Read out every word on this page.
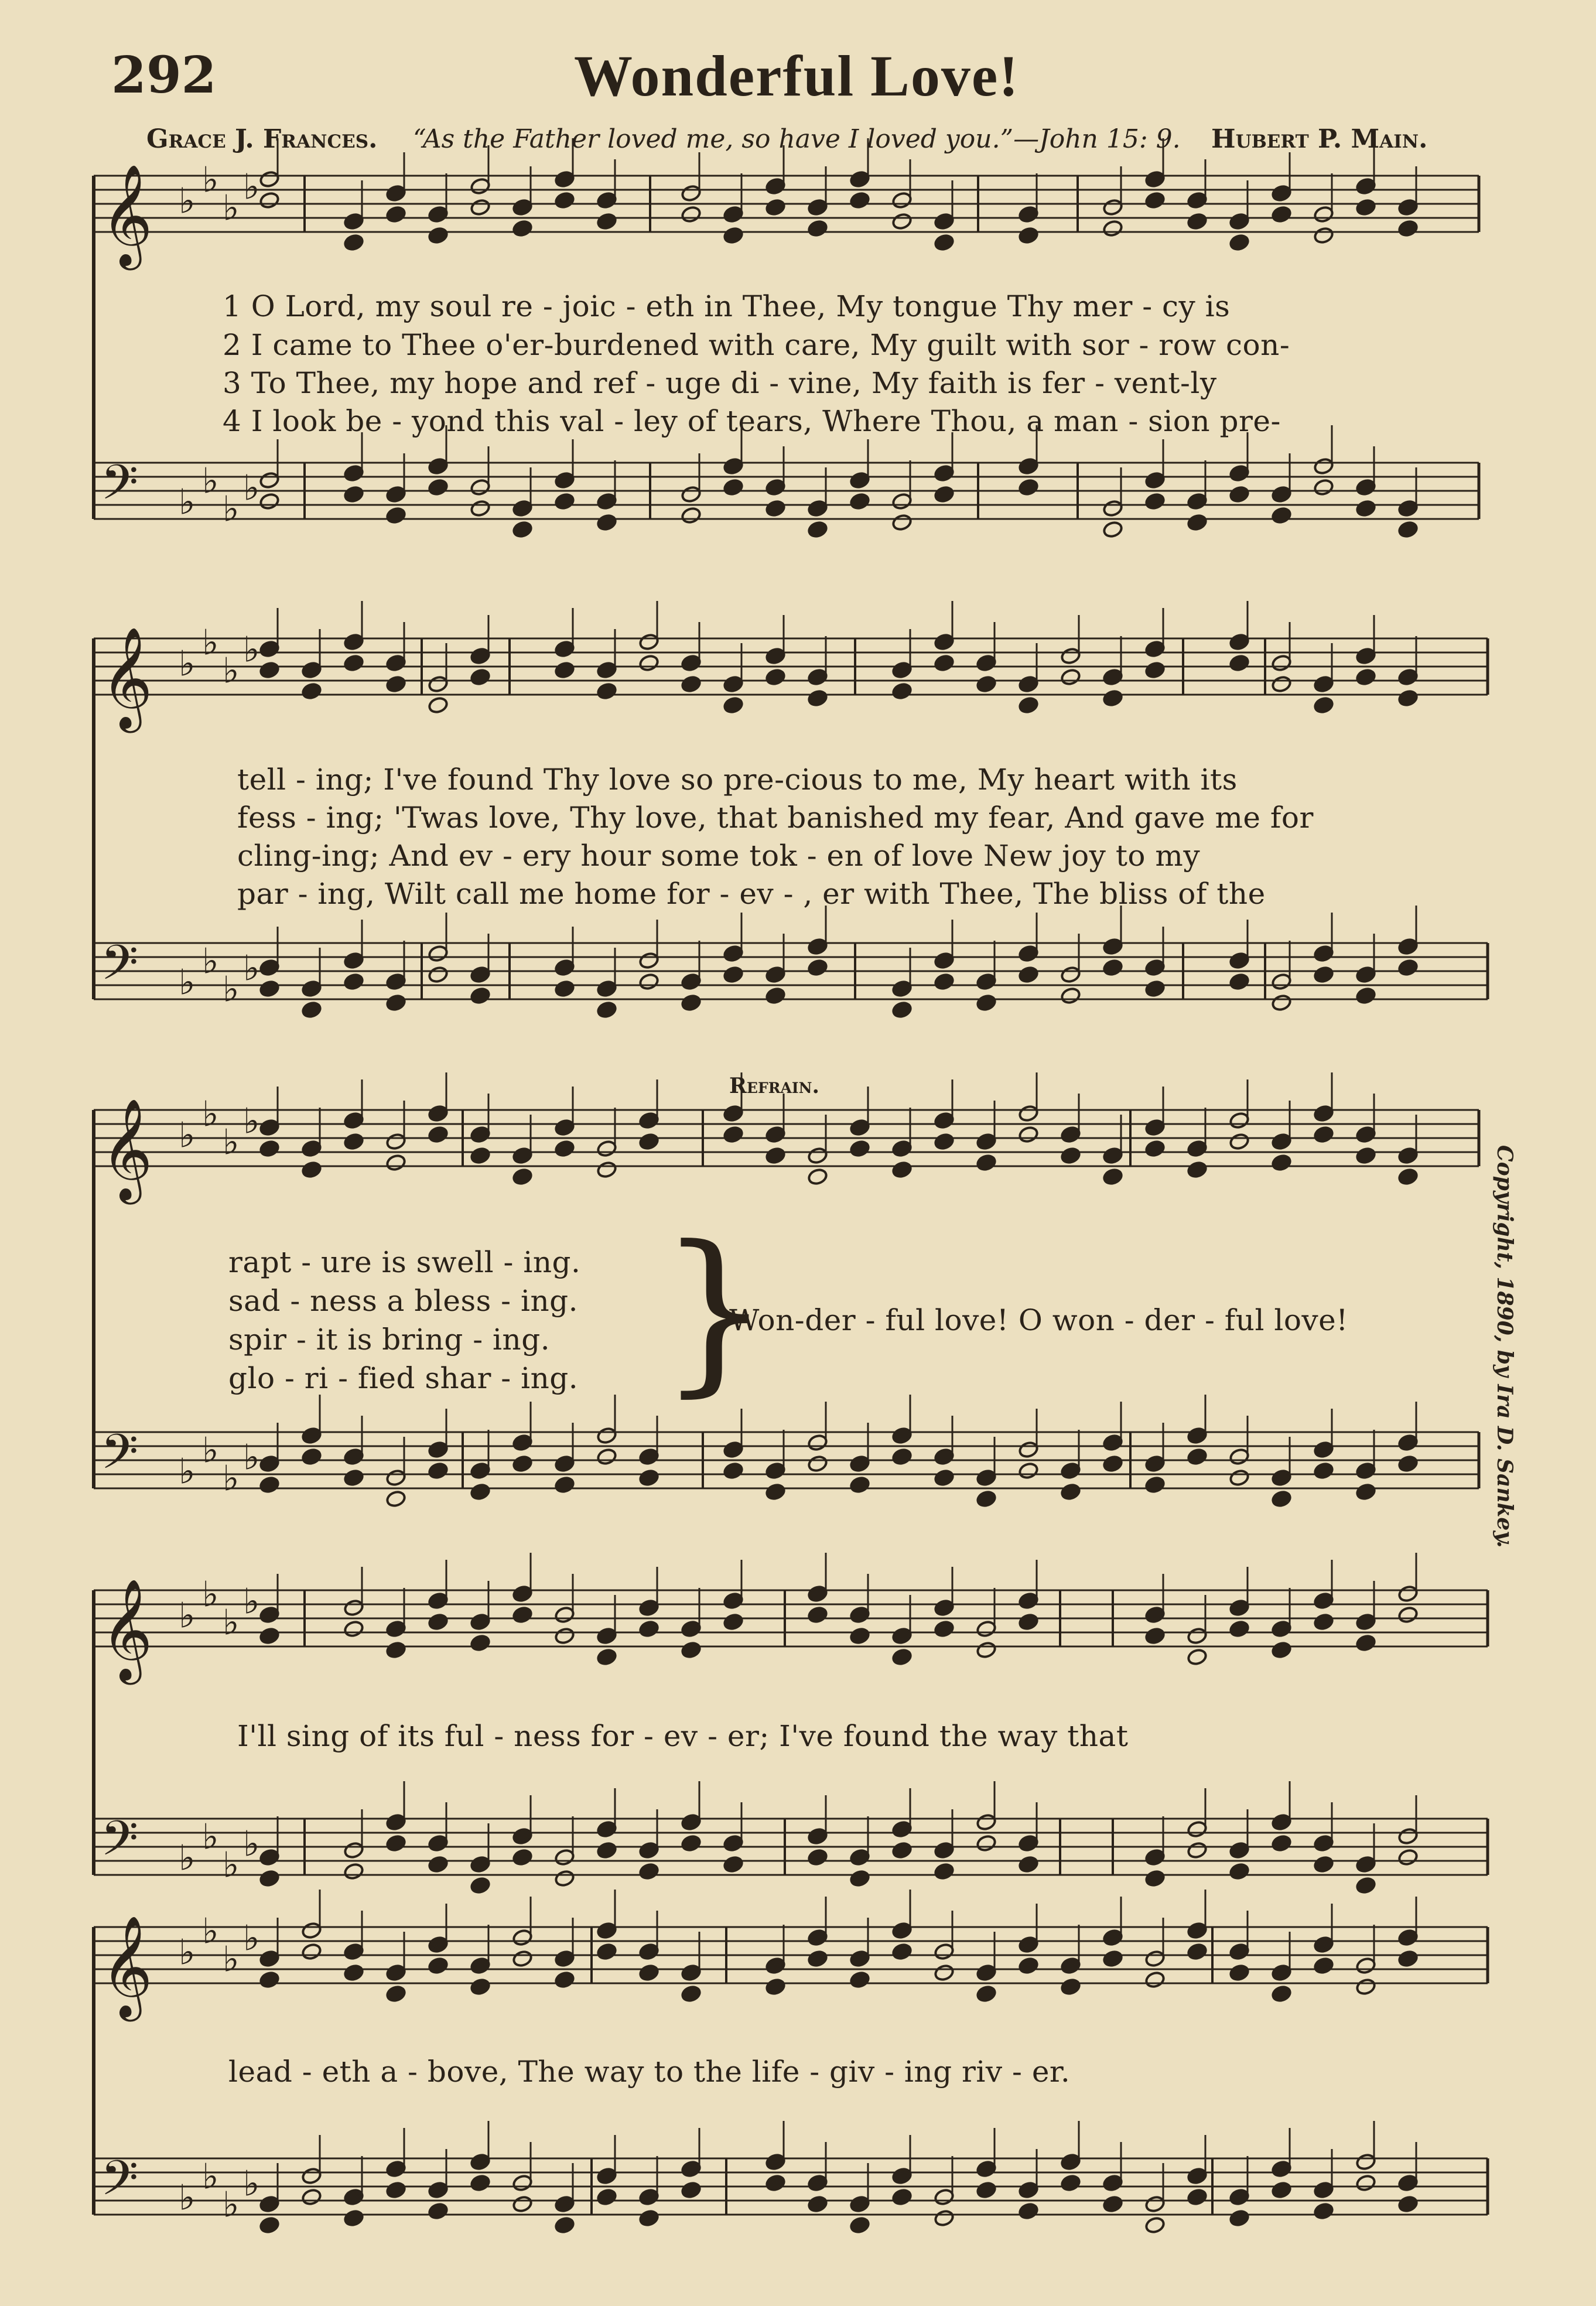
292	Wonderful Love!
Grace J. Frances. “As the Father loved me, so have I loved you.”—John 15: 9. Hubert P. Main.
𝄞 ♭
♭
♭
♭
𝄢 ♭
♭
♭
♭
𝄞 ♭
♭
♭
♭
𝄢 ♭
♭
♭
♭
𝄞 ♭
♭
♭
♭
𝄢 ♭
♭
♭
♭
𝄞 ♭
♭
♭
♭
𝄢 ♭
♭
♭
♭
𝄞 ♭
♭
♭
♭
𝄢 ♭
♭
♭
♭
1 O Lord, my soul re - joic - eth in Thee, My tongue Thy mer - cy is
2 I came to Thee o'er-burdened with care, My guilt with sor - row con-
3 To Thee, my hope and ref - uge di - vine, My faith is fer - vent-ly
4 I look be - yond this val - ley of tears, Where Thou, a man - sion pre-
tell - ing; I've found Thy love so pre-cious to me, My heart with its
fess - ing; 'Twas love, Thy love, that banished my fear, And gave me for
cling-ing; And ev - ery hour some tok - en of love New joy to my
par - ing, Wilt call me home for - ev - , er with Thee, The bliss of the
Refrain.
rapt - ure is swell - ing.
sad - ness a bless - ing.
spir - it is bring - ing.
glo - ri - fied shar - ing. }
Won-der - ful love! O won - der - ful love!
I'll sing of its ful - ness for - ev - er; I've found the way that
lead - eth a - bove, The way to the life - giv - ing riv - er.
Copyright, 1890, by Ira D. Sankey.
